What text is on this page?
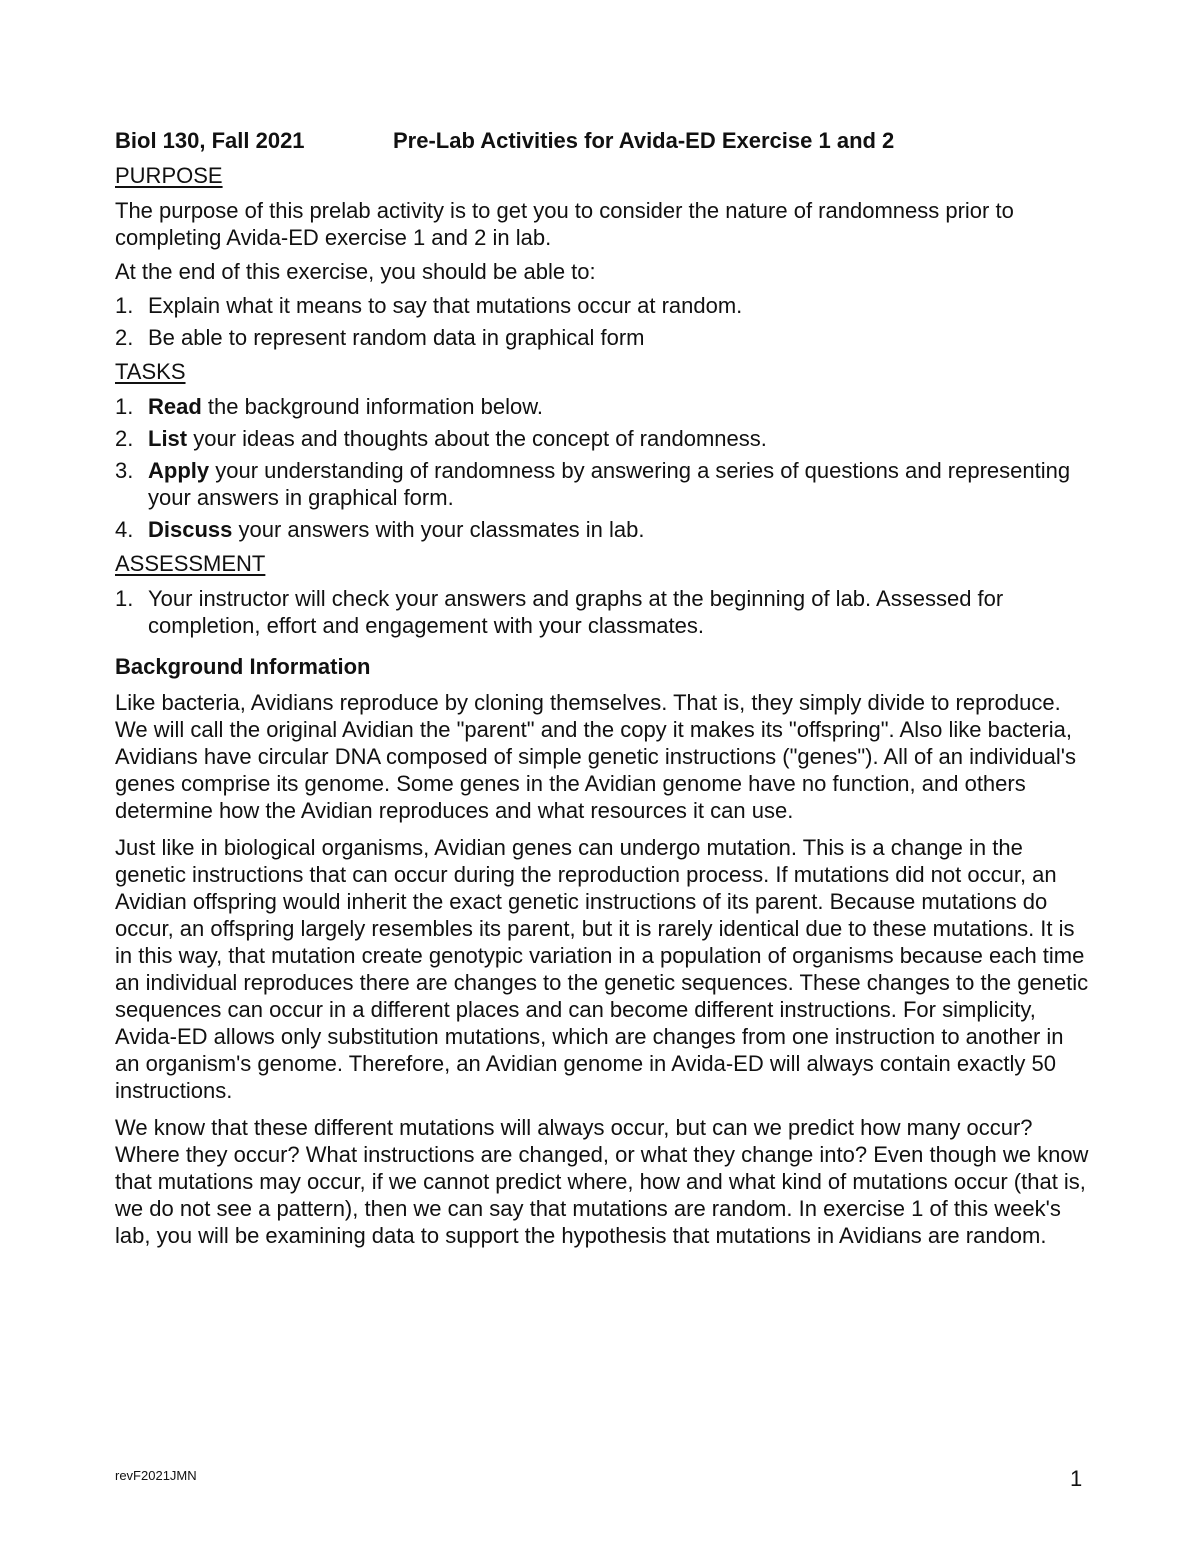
Biol 130, Fall 2021	Pre-Lab Activities for Avida-ED Exercise 1 and 2
PURPOSE

The purpose of this prelab activity is to get you to consider the nature of randomness prior to completing Avida-ED exercise 1 and 2 in lab.

At the end of this exercise, you should be able to:

1. Explain what it means to say that mutations occur at random.
2. Be able to represent random data in graphical form
TASKS
1. Read the background information below.
2. List your ideas and thoughts about the concept of randomness.
3. Apply your understanding of randomness by answering a series of questions and representing your answers in graphical form.
4. Discuss your answers with your classmates in lab.
ASSESSMENT
1. Your instructor will check your answers and graphs at the beginning of lab. Assessed for completion, effort and engagement with your classmates.
Background Information

Like bacteria, Avidians reproduce by cloning themselves. That is, they simply divide to reproduce. We will call the original Avidian the "parent" and the copy it makes its "offspring". Also like bacteria, Avidians have circular DNA composed of simple genetic instructions ("genes"). All of an individual's genes comprise its genome. Some genes in the Avidian genome have no function, and others determine how the Avidian reproduces and what resources it can use.

Just like in biological organisms, Avidian genes can undergo mutation. This is a change in the genetic instructions that can occur during the reproduction process. If mutations did not occur, an Avidian offspring would inherit the exact genetic instructions of its parent. Because mutations do occur, an offspring largely resembles its parent, but it is rarely identical due to these mutations. It is in this way, that mutation create genotypic variation in a population of organisms because each time an individual reproduces there are changes to the genetic sequences. These changes to the genetic sequences can occur in a different places and can become different instructions. For simplicity, Avida-ED allows only substitution mutations, which are changes from one instruction to another in an organism's genome. Therefore, an Avidian genome in Avida-ED will always contain exactly 50 instructions.

We know that these different mutations will always occur, but can we predict how many occur? Where they occur? What instructions are changed, or what they change into? Even though we know that mutations may occur, if we cannot predict where, how and what kind of mutations occur (that is, we do not see a pattern), then we can say that mutations are random. In exercise 1 of this week's lab, you will be examining data to support the hypothesis that mutations in Avidians are random.

revF2021JMN	1
